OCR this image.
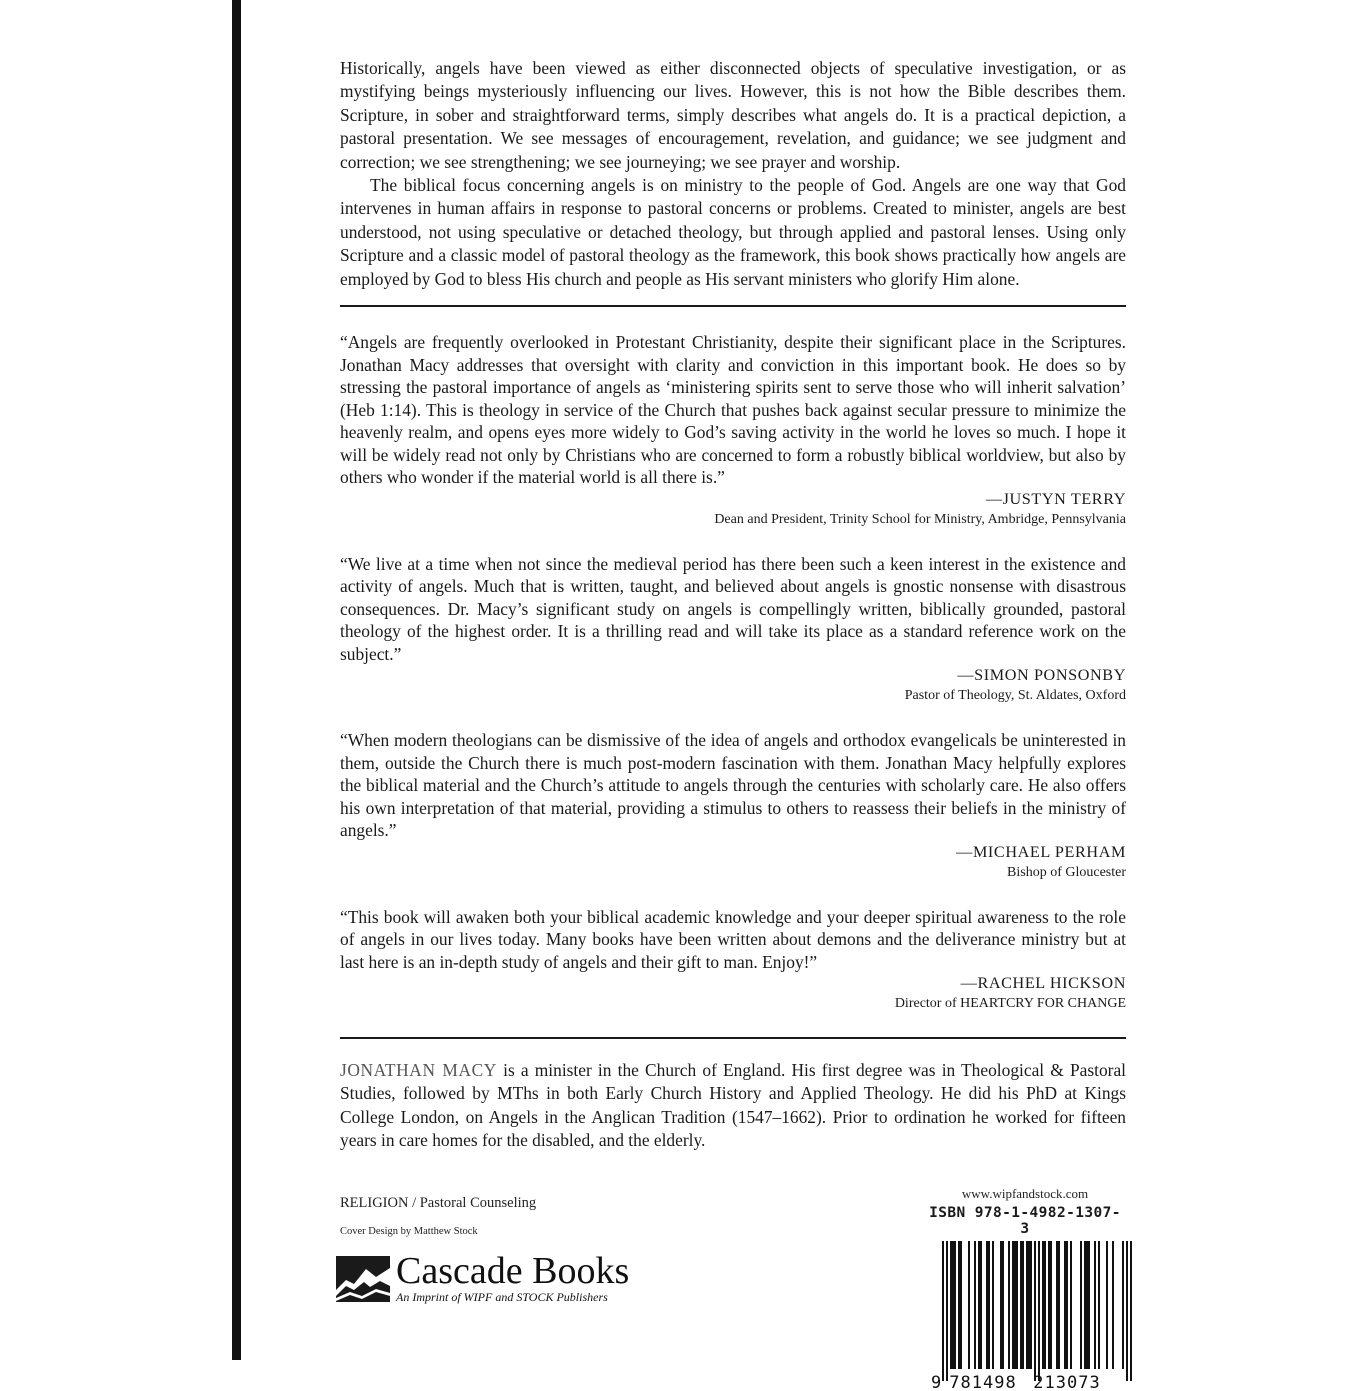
Historically, angels have been viewed as either disconnected objects of speculative investigation, or as mystifying beings mysteriously influencing our lives. However, this is not how the Bible describes them. Scripture, in sober and straightforward terms, simply describes what angels do. It is a practical depiction, a pastoral presentation. We see messages of encouragement, revelation, and guidance; we see judgment and correction; we see strengthening; we see journeying; we see prayer and worship.

The biblical focus concerning angels is on ministry to the people of God. Angels are one way that God intervenes in human affairs in response to pastoral concerns or problems. Created to minister, angels are best understood, not using speculative or detached theology, but through applied and pastoral lenses. Using only Scripture and a classic model of pastoral theology as the framework, this book shows practically how angels are employed by God to bless His church and people as His servant ministers who glorify Him alone.

“Angels are frequently overlooked in Protestant Christianity, despite their significant place in the Scriptures. Jonathan Macy addresses that oversight with clarity and conviction in this important book. He does so by stressing the pastoral importance of angels as ‘ministering spirits sent to serve those who will inherit salvation’ (Heb 1:14). This is theology in service of the Church that pushes back against secular pressure to minimize the heavenly realm, and opens eyes more widely to God’s saving activity in the world he loves so much. I hope it will be widely read not only by Christians who are concerned to form a robustly biblical worldview, but also by others who wonder if the material world is all there is.”

—JUSTYN TERRY
Dean and President, Trinity School for Ministry, Ambridge, Pennsylvania

“We live at a time when not since the medieval period has there been such a keen interest in the existence and activity of angels. Much that is written, taught, and believed about angels is gnostic nonsense with disastrous consequences. Dr. Macy’s significant study on angels is compellingly written, biblically grounded, pastoral theology of the highest order. It is a thrilling read and will take its place as a standard reference work on the subject.”

—SIMON PONSONBY
Pastor of Theology, St. Aldates, Oxford

“When modern theologians can be dismissive of the idea of angels and orthodox evangelicals be uninterested in them, outside the Church there is much post-modern fascination with them. Jonathan Macy helpfully explores the biblical material and the Church’s attitude to angels through the centuries with scholarly care. He also offers his own interpretation of that material, providing a stimulus to others to reassess their beliefs in the ministry of angels.”

—MICHAEL PERHAM
Bishop of Gloucester

“This book will awaken both your biblical academic knowledge and your deeper spiritual awareness to the role of angels in our lives today. Many books have been written about demons and the deliverance ministry but at last here is an in-depth study of angels and their gift to man. Enjoy!”

—RACHEL HICKSON
Director of HEARTCRY FOR CHANGE

JONATHAN MACY is a minister in the Church of England. His first degree was in Theological & Pastoral Studies, followed by MThs in both Early Church History and Applied Theology. He did his PhD at Kings College London, on Angels in the Anglican Tradition (1547–1662). Prior to ordination he worked for fifteen years in care homes for the disabled, and the elderly.

RELIGION / Pastoral Counseling
Cover Design by Matthew Stock
Cascade Books
An Imprint of WIPF and STOCK Publishers
www.wipfandstock.com
ISBN 978-1-4982-1307-3
9 781498 213073
